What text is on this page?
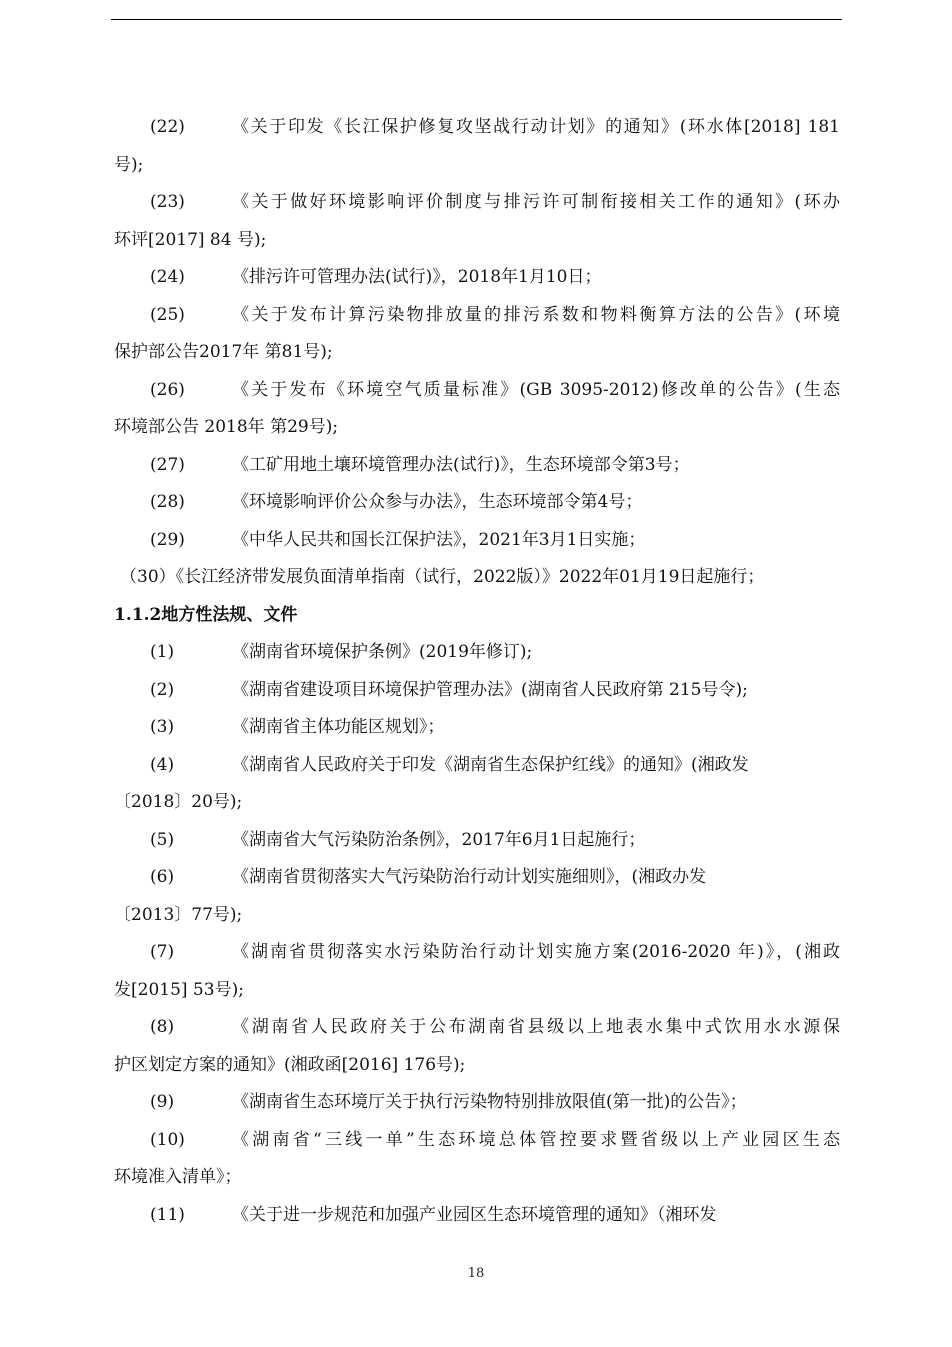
(22)	《关于印发《长江保护修复攻坚战行动计划》的通知》(环水体[2018] 181
号);
(23)	《关于做好环境影响评价制度与排污许可制衔接相关工作的通知》(环办
环评[2017] 84 号);
(24)	《排污许可管理办法(试行)》，2018年1月10日；
(25)	《关于发布计算污染物排放量的排污系数和物料衡算方法的公告》(环境
保护部公告2017年 第81号);
(26)	《关于发布《环境空气质量标准》(GB 3095-2012)修改单的公告》(生态
环境部公告 2018年 第29号);
(27)	《工矿用地土壤环境管理办法(试行)》，生态环境部令第3号；
(28)	《环境影响评价公众参与办法》，生态环境部令第4号；
(29)	《中华人民共和国长江保护法》，2021年3月1日实施；
（30）《长江经济带发展负面清单指南（试行，2022版）》2022年01月19日起施行；
1.1.2地方性法规、文件
(1)	《湖南省环境保护条例》(2019年修订);
(2)	《湖南省建设项目环境保护管理办法》(湖南省人民政府第 215号令);
(3)	《湖南省主体功能区规划》；
(4)	《湖南省人民政府关于印发《湖南省生态保护红线》的通知》(湘政发
〔2018〕20号);
(5)	《湖南省大气污染防治条例》，2017年6月1日起施行；
(6)	《湖南省贯彻落实大气污染防治行动计划实施细则》，(湘政办发
〔2013〕77号);
(7)	《湖南省贯彻落实水污染防治行动计划实施方案(2016-2020 年)》，(湘政
发[2015] 53号);
(8)	《湖南省人民政府关于公布湖南省县级以上地表水集中式饮用水水源保
护区划定方案的通知》(湘政函[2016] 176号);
(9)	《湖南省生态环境厅关于执行污染物特别排放限值(第一批)的公告》；
(10)	《湖南省“三线一单”生态环境总体管控要求暨省级以上产业园区生态
环境准入清单》；
(11)	《关于进一步规范和加强产业园区生态环境管理的通知》（湘环发
18
